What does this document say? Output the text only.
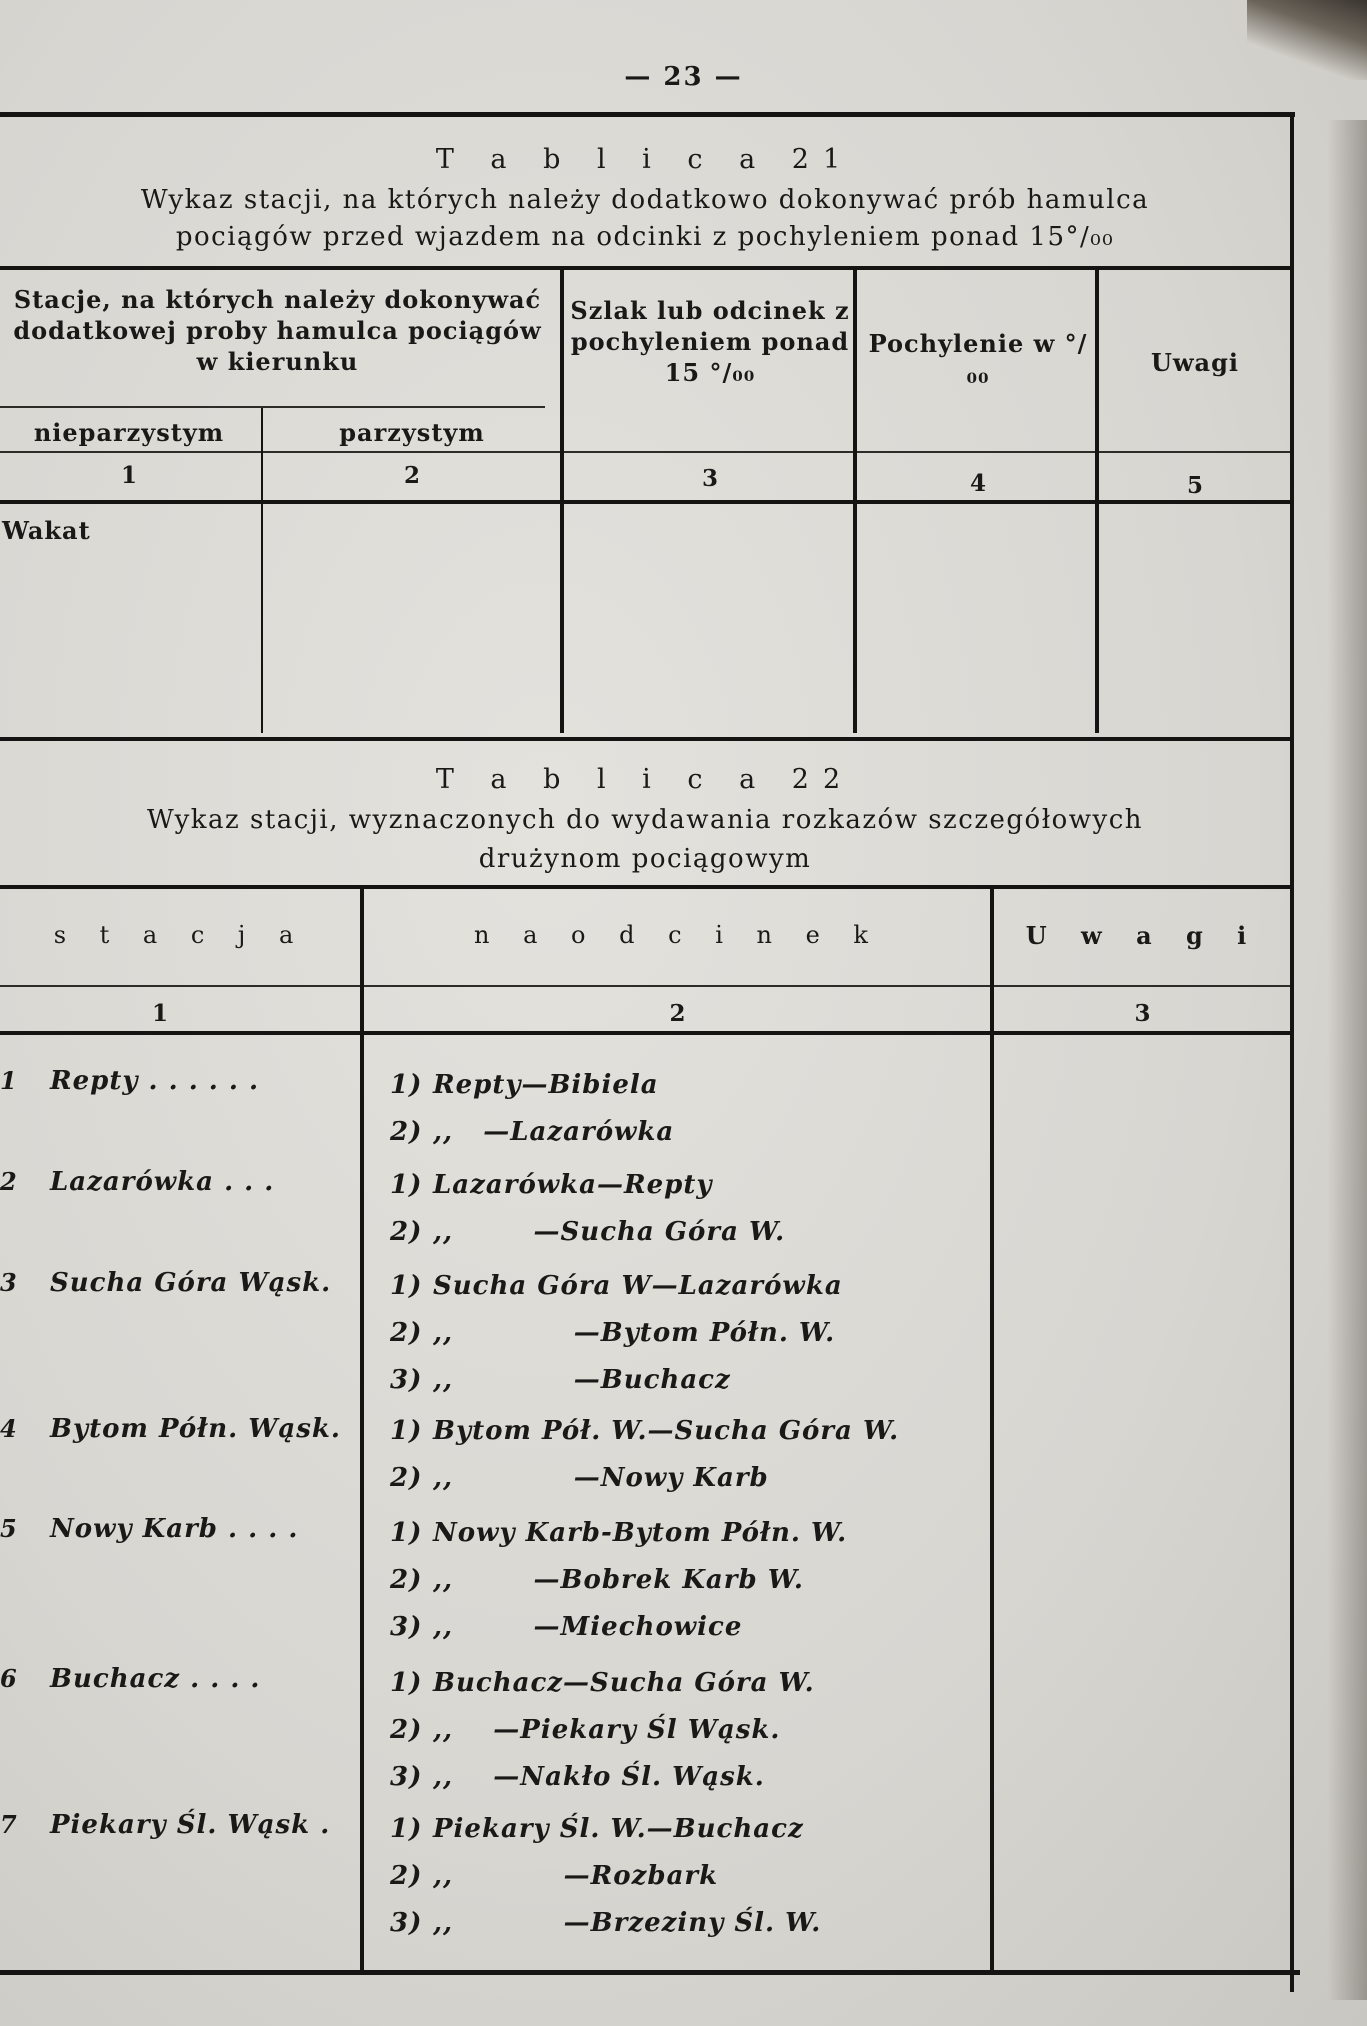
— 23 —
T a b l i c a 21
Wykaz stacji, na których należy dodatkowo dokonywać prób hamulca
pociągów przed wjazdem na odcinki z pochyleniem ponad 15°/₀₀
Stacje, na których należy dokonywać dodatkowej proby hamulca pociągów w kierunku
nieparzystym	parzystym
Szlak lub odcinek z pochyleniem ponad 15 °/₀₀
Pochylenie w °/₀₀	Uwagi
1	2	3	4	5
Wakat
T a b l i c a 22
Wykaz stacji, wyznaczonych do wydawania rozkazów szczegółowych
drużynom pociągowym
s t a c j a	n a o d c i n e k	U w a g i
1	2	3
1 Repty . . . . . .	1) Repty—Bibiela
2) ,,   —Lazarówka
2 Lazarówka . . .	1) Lazarówka—Repty
2) ,,        —Sucha Góra W.
3 Sucha Góra Wąsk. 1) Sucha Góra W—Lazarówka
2) ,,            —Bytom Półn. W.
3) ,,            —Buchacz
4 Bytom Półn. Wąsk. 1) Bytom Pół. W.—Sucha Góra W.
2) ,,            —Nowy Karb
5 Nowy Karb . . . .	1) Nowy Karb-Bytom Półn. W.
2) ,,        —Bobrek Karb W.
3) ,,        —Miechowice
6 Buchacz . . . .	1) Buchacz—Sucha Góra W.
2) ,,    —Piekary Śl Wąsk.
3) ,,    —Nakło Śl. Wąsk.
7 Piekary Śl. Wąsk . 1) Piekary Śl. W.—Buchacz
2) ,,           —Rozbark
3) ,,           —Brzeziny Śl. W.
